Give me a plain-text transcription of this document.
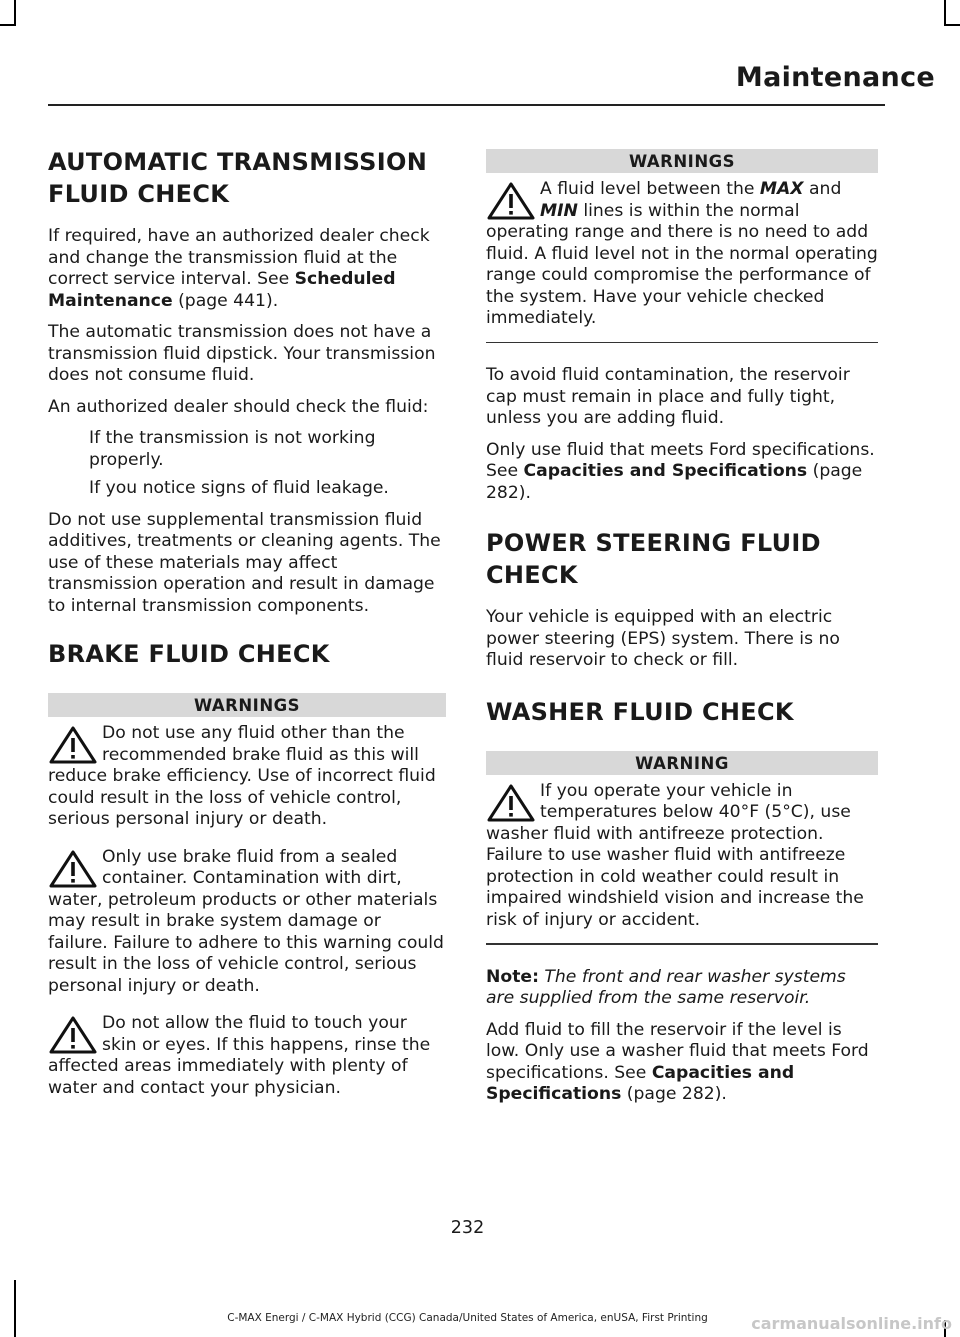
Maintenance
AUTOMATIC TRANSMISSION
FLUID CHECK

If required, have an authorized dealer check and change the transmission fluid at the correct service interval. See Scheduled Maintenance (page 441).

The automatic transmission does not have a transmission fluid dipstick. Your transmission does not consume fluid.

An authorized dealer should check the fluid:

If the transmission is not working properly.
If you notice signs of fluid leakage.

Do not use supplemental transmission fluid additives, treatments or cleaning agents. The use of these materials may affect transmission operation and result in damage to internal transmission components.

BRAKE FLUID CHECK
WARNINGS
Do not use any fluid other than the recommended brake fluid as this will reduce brake efficiency. Use of incorrect fluid could result in the loss of vehicle control, serious personal injury or death.
Only use brake fluid from a sealed container. Contamination with dirt, water, petroleum products or other materials may result in brake system damage or failure. Failure to adhere to this warning could result in the loss of vehicle control, serious personal injury or death.
Do not allow the fluid to touch your skin or eyes. If this happens, rinse the affected areas immediately with plenty of water and contact your physician.
WARNINGS
A fluid level between the MAX and MIN lines is within the normal operating range and there is no need to add fluid. A fluid level not in the normal operating range could compromise the performance of the system. Have your vehicle checked immediately.

To avoid fluid contamination, the reservoir cap must remain in place and fully tight, unless you are adding fluid.

Only use fluid that meets Ford specifications. See Capacities and Specifications (page 282).

POWER STEERING FLUID
CHECK

Your vehicle is equipped with an electric power steering (EPS) system. There is no fluid reservoir to check or fill.

WASHER FLUID CHECK
WARNING
If you operate your vehicle in temperatures below 40°F (5°C), use washer fluid with antifreeze protection. Failure to use washer fluid with antifreeze protection in cold weather could result in impaired windshield vision and increase the risk of injury or accident.

Note: The front and rear washer systems are supplied from the same reservoir.

Add fluid to fill the reservoir if the level is low. Only use a washer fluid that meets Ford specifications. See Capacities and Specifications (page 282).

232
C-MAX Energi / C-MAX Hybrid (CCG) Canada/United States of America, enUSA, First Printing	carmanualsonline.info
